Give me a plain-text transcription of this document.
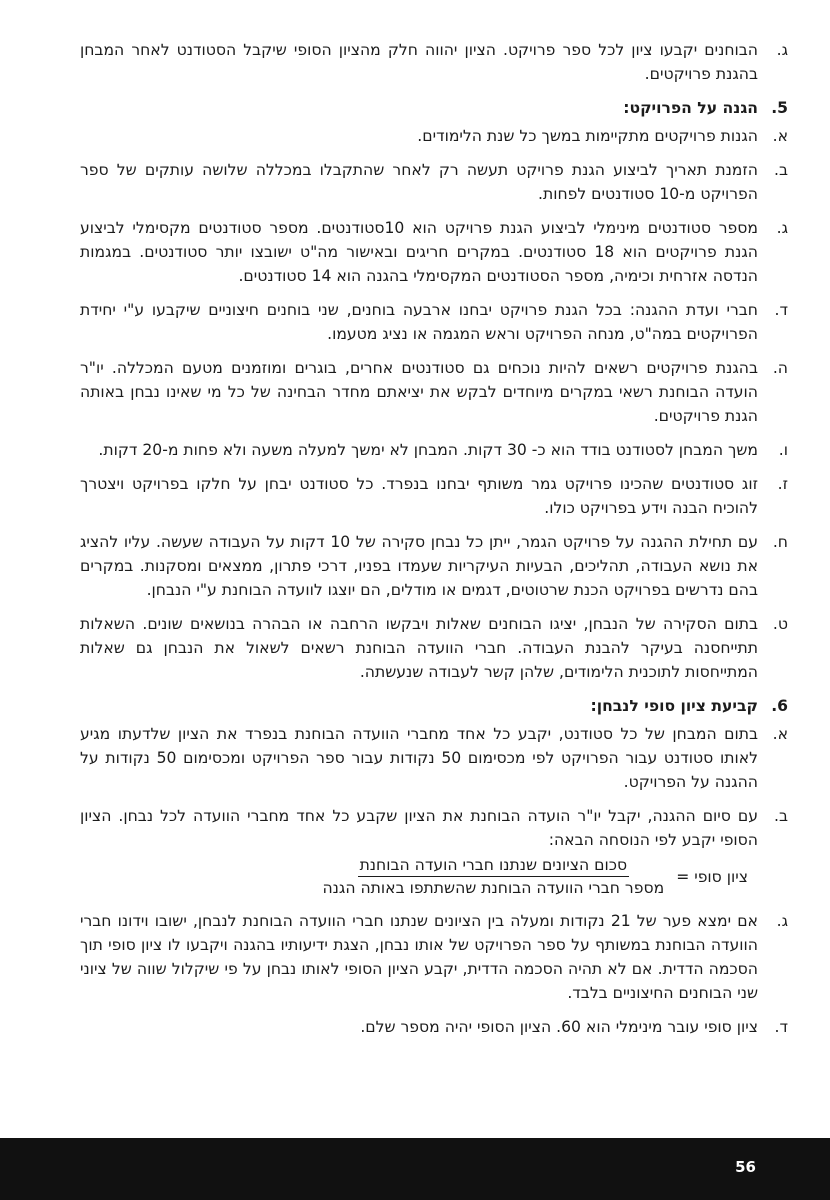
ג.
הבוחנים יקבעו ציון לכל ספר פרויקט. הציון יהווה חלק מהציון הסופי שיקבל הסטודנט לאחר המבחן בהגנת פרויקטים.
5.
הגנה על הפרויקט:
א.
הגנות פרויקטים מתקיימות במשך כל שנת הלימודים.
ב.
הזמנת תאריך לביצוע הגנת פרויקט תעשה רק לאחר שהתקבלו במכללה שלושה עותקים של ספר הפרויקט מ-10 סטודנטים לפחות.
ג.
מספר סטודנטים מינימלי לביצוע הגנת פרויקט הוא 10סטודנטים. מספר סטודנטים מקסימלי לביצוע הגנת פרויקטים הוא 18 סטודנטים. במקרים חריגים ובאישור מה"ט ישובצו יותר סטודנטים. במגמות הנדסה אזרחית וכימיה, מספר הסטודנטים המקסימלי בהגנה הוא 14 סטודנטים.
ד.
חברי ועדת ההגנה: בכל הגנת פרויקט יבחנו ארבעה בוחנים, שני בוחנים חיצוניים שיקבעו ע"י יחידת הפרויקטים במה"ט, מנחה הפרויקט וראש המגמה או נציג מטעמו.
ה.
בהגנת פרויקטים רשאים להיות נוכחים גם סטודנטים אחרים, בוגרים ומוזמנים מטעם המכללה. יו"ר הועדה הבוחנת רשאי במקרים מיוחדים לבקש את יציאתם מחדר הבחינה של כל מי שאינו נבחן באותה הגנת פרויקטים.
ו.
משך המבחן לסטודנט בודד הוא כ- 30 דקות. המבחן לא ימשך למעלה משעה ולא פחות מ-20 דקות.
ז.
זוג סטודנטים שהכינו פרויקט גמר משותף יבחנו בנפרד. כל סטודנט יבחן על חלקו בפרויקט ויצטרך להוכיח הבנה וידע בפרויקט כולו.
ח.
עם תחילת ההגנה על פרויקט הגמר, ייתן כל נבחן סקירה של 10 דקות על העבודה שעשה. עליו להציג את נושא העבודה, תהליכים, הבעיות העיקריות שעמדו בפניו, דרכי פתרון, ממצאים ומסקנות. במקרים בהם נדרשים בפרויקט הכנת שרטוטים, דגמים או מודלים, הם יוצגו לוועדה הבוחנת ע"י הנבחן.
ט.
בתום הסקירה של הנבחן, יציגו הבוחנים שאלות ויבקשו הרחבה או הבהרה בנושאים שונים. השאלות תתייחסנה בעיקר להבנת העבודה. חברי הוועדה הבוחנת רשאים לשאול את הנבחן גם שאלות המתייחסות לתוכנית הלימודים, שלהן קשר לעבודה שנעשתה.
6.
קביעת ציון סופי לנבחן:
א.
בתום המבחן של כל סטודנט, יקבע כל אחד מחברי הוועדה הבוחנת בנפרד את הציון שלדעתו מגיע לאותו סטודנט עבור הפרויקט לפי מכסימום 50 נקודות עבור ספר הפרויקט ומכסימום 50 נקודות על ההגנה על הפרויקט.
ב.
עם סיום ההגנה, יקבל יו"ר הועדה הבוחנת את הציון שקבע כל אחד מחברי הוועדה לכל נבחן. הציון הסופי יקבע לפי הנוסחה הבאה:
ציון סופי =
$\frac{\text{סכום הציונים שנתנו חברי הועדה הבוחנת}}{\text{מספר חברי הוועדה הבוחנת שהשתתפו באותה הגנה}}$
ג.
אם ימצא פער של 21 נקודות ומעלה בין הציונים שנתנו חברי הוועדה הבוחנת לנבחן, ישובו וידונו חברי הוועדה הבוחנת במשותף על ספר הפרויקט של אותו נבחן, הצגת ידיעותיו בהגנה ויקבעו לו ציון סופי תוך הסכמה הדדית. אם לא תהיה הסכמה הדדית, יקבע הציון הסופי לאותו נבחן על פי שיקלול שווה של ציוני שני הבוחנים החיצוניים בלבד.
ד.
ציון סופי עובר מינימלי הוא 60. הציון הסופי יהיה מספר שלם.
56
